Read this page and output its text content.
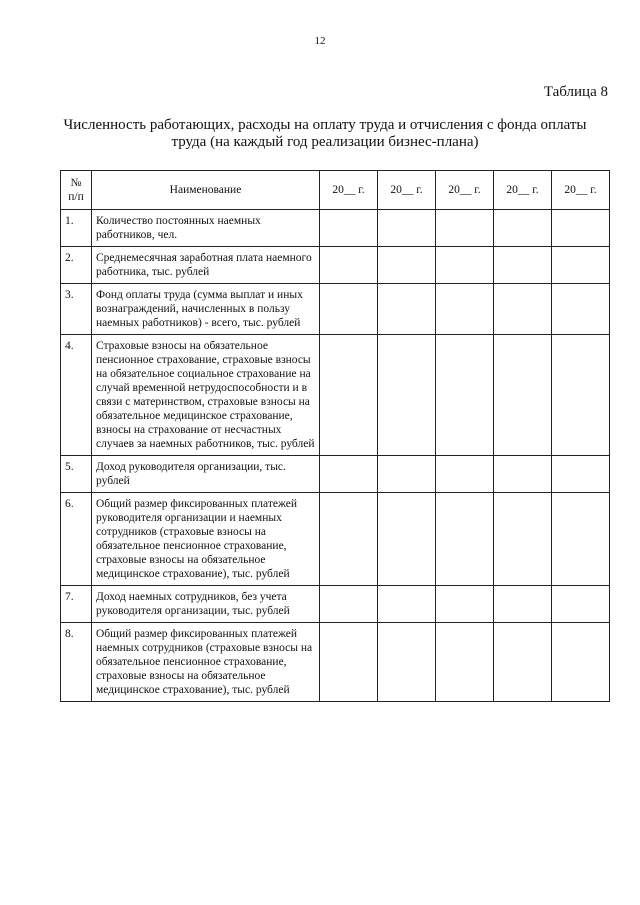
12
Таблица 8
Численность работающих, расходы на оплату труда и отчисления с фонда оплаты труда (на каждый год реализации бизнес-плана)
№ п/п	Наименование	20__ г.	20__ г.	20__ г.	20__ г.	20__ г.
1.	Количество постоянных наемных работников, чел.					
2.	Среднемесячная заработная плата наемного работника, тыс. рублей					
3.	Фонд оплаты труда (сумма выплат и иных вознаграждений, начисленных в пользу наемных работников) - всего, тыс. рублей					
4.	Страховые взносы на обязательное пенсионное страхование, страховые взносы на обязательное социальное страхование на случай временной нетрудоспособности и в связи с материнством, страховые взносы на обязательное медицинское страхование, взносы на страхование от несчастных случаев за наемных работников, тыс. рублей					
5.	Доход руководителя организации, тыс. рублей					
6.	Общий размер фиксированных платежей руководителя организации и наемных сотрудников (страховые взносы на обязательное пенсионное страхование, страховые взносы на обязательное медицинское страхование), тыс. рублей					
7.	Доход наемных сотрудников, без учета руководителя организации, тыс. рублей					
8.	Общий размер фиксированных платежей наемных сотрудников (страховые взносы на обязательное пенсионное страхование, страховые взносы на обязательное медицинское страхование), тыс. рублей					
